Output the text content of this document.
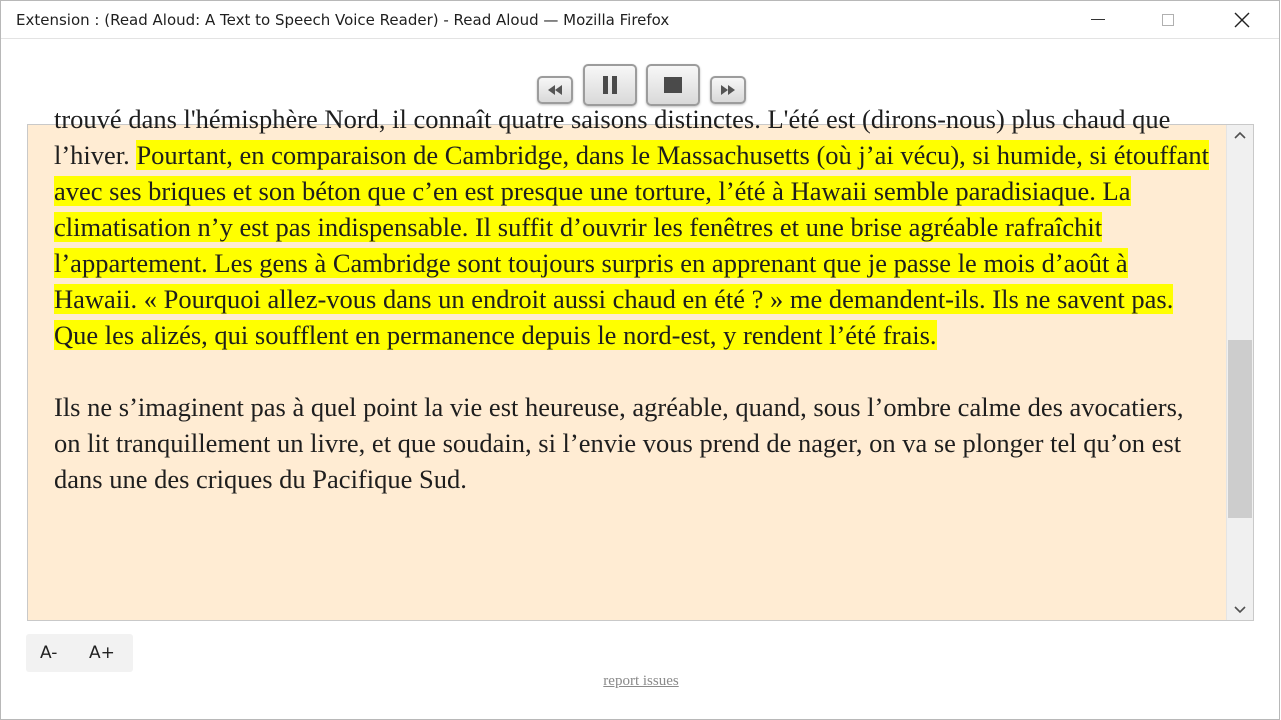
Extension : (Read Aloud: A Text to Speech Voice Reader) - Read Aloud — Mozilla Firefox

trouvé dans l'hémisphère Nord, il connaît quatre saisons distinctes. L'été est (dirons-nous) plus chaud que l’hiver. Pourtant, en comparaison de Cambridge, dans le Massachusetts (où j’ai vécu), si humide, si étouffant avec ses briques et son béton que c’en est presque une torture, l’été à Hawaii semble paradisiaque. La climatisation n’y est pas indispensable. Il suffit d’ouvrir les fenêtres et une brise agréable rafraîchit l’appartement. Les gens à Cambridge sont toujours surpris en apprenant que je passe le mois d’août à Hawaii. « Pourquoi allez-vous dans un endroit aussi chaud en été ? » me demandent-ils. Ils ne savent pas. Que les alizés, qui soufflent en permanence depuis le nord-est, y rendent l’été frais.

Ils ne s’imaginent pas à quel point la vie est heureuse, agréable, quand, sous l’ombre calme des avocatiers, on lit tranquillement un livre, et que soudain, si l’envie vous prend de nager, on va se plonger tel qu’on est dans une des criques du Pacifique Sud.

A- A+
report issues
